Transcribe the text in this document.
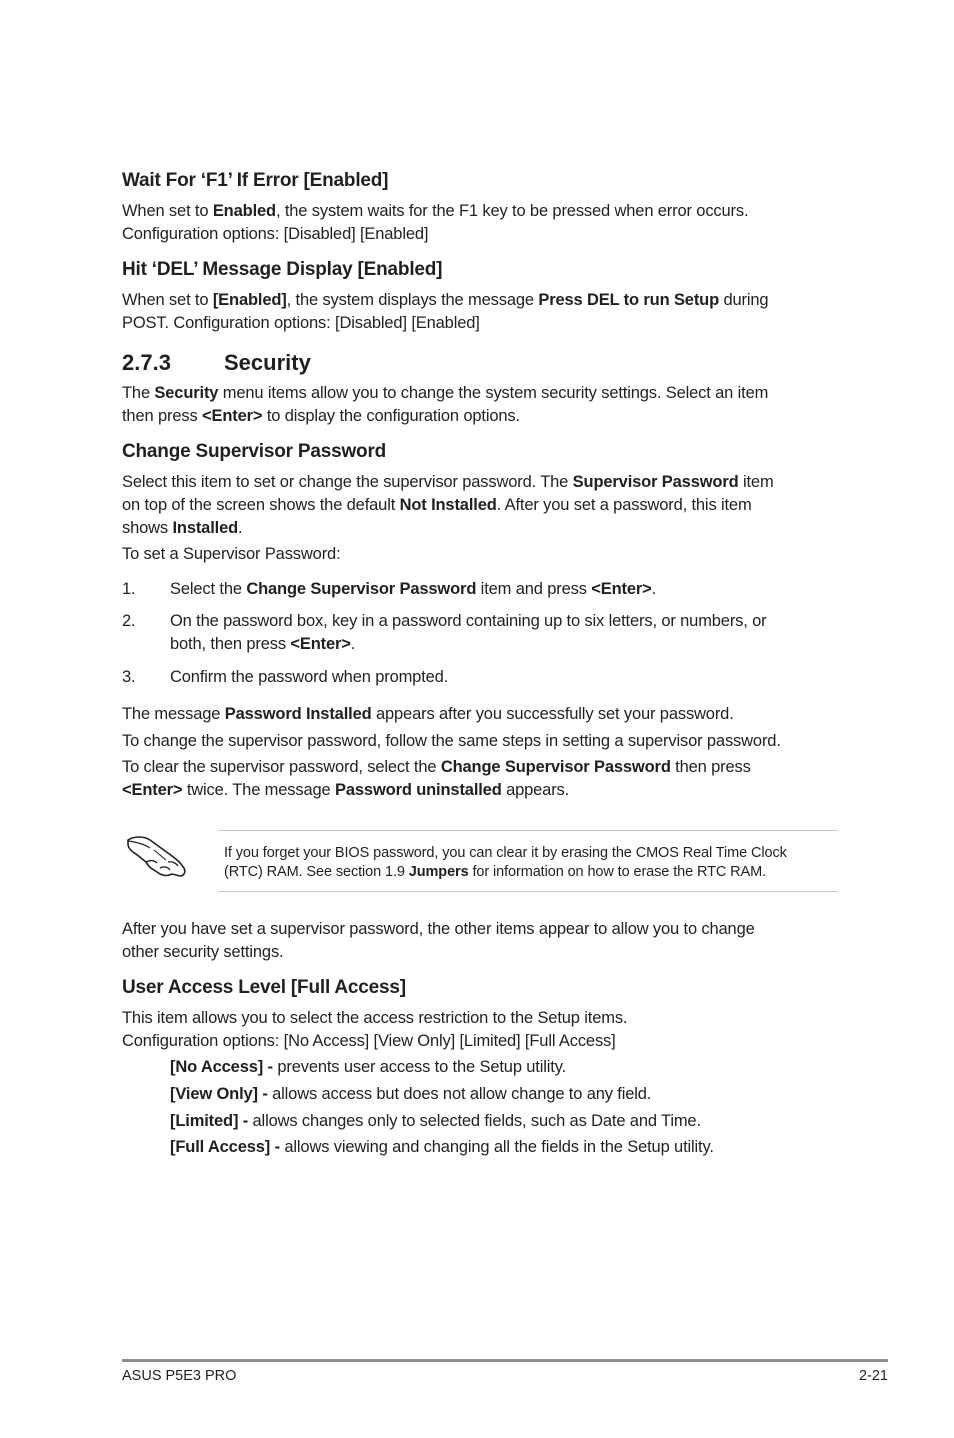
Wait For ‘F1’ If Error [Enabled]
When set to Enabled, the system waits for the F1 key to be pressed when error occurs.
Configuration options: [Disabled] [Enabled]
Hit ‘DEL’ Message Display [Enabled]
When set to [Enabled], the system displays the message Press DEL to run Setup during
POST. Configuration options: [Disabled] [Enabled]
2.7.3 Security
The Security menu items allow you to change the system security settings. Select an item
then press <Enter> to display the configuration options.
Change Supervisor Password
Select this item to set or change the supervisor password. The Supervisor Password item
on top of the screen shows the default Not Installed. After you set a password, this item
shows Installed.
To set a Supervisor Password:
1. Select the Change Supervisor Password item and press <Enter>.
2. On the password box, key in a password containing up to six letters, or numbers, or
both, then press <Enter>.
3. Confirm the password when prompted.
The message Password Installed appears after you successfully set your password.
To change the supervisor password, follow the same steps in setting a supervisor password.
To clear the supervisor password, select the Change Supervisor Password then press
<Enter> twice. The message Password uninstalled appears.
If you forget your BIOS password, you can clear it by erasing the CMOS Real Time Clock
(RTC) RAM. See section 1.9 Jumpers for information on how to erase the RTC RAM.
After you have set a supervisor password, the other items appear to allow you to change
other security settings.
User Access Level [Full Access]
This item allows you to select the access restriction to the Setup items.
Configuration options: [No Access] [View Only] [Limited] [Full Access]
[No Access] - prevents user access to the Setup utility.
[View Only] - allows access but does not allow change to any field.
[Limited] - allows changes only to selected fields, such as Date and Time.
[Full Access] - allows viewing and changing all the fields in the Setup utility.
ASUS P5E3 PRO	2-21
